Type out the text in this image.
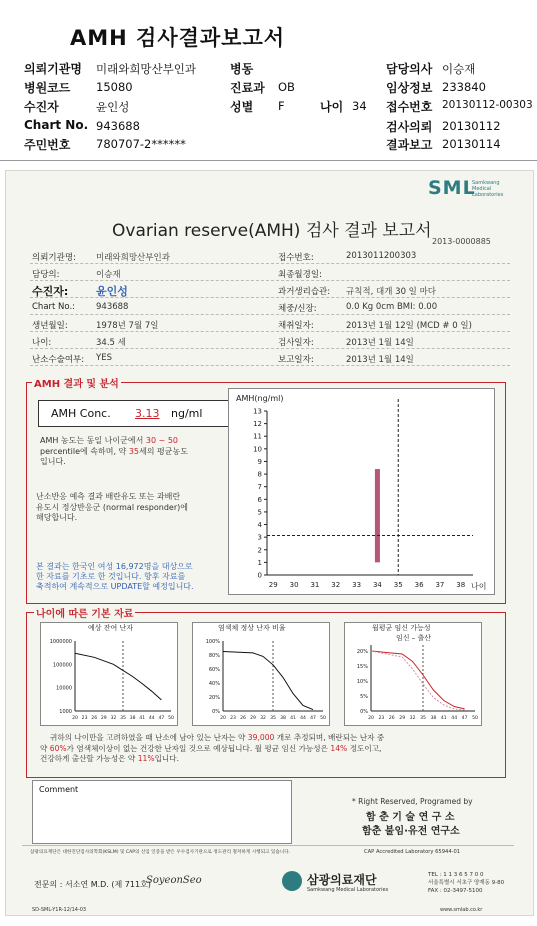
AMH 검사결과보고서
의뢰기관명 미래와희망산부인과
병원코드 15080
수진자	윤인성
Chart No. 943688
주민번호 780707-2******
병동
진료과 OB
성별 F	나이 34
담당의사 이승재
임상정보 233840
접수번호 20130112-00303
검사의뢰 20130112
결과보고 20130114
SML
Samkwang
Medical
Laboratories
Ovarian reserve(AMH) 검사 결과 보고서
2013-0000885
의뢰기관명: 미래와희망산부인과
담당의:	이승재
수진자:	윤인성
Chart No.: 943688
생년월일:	1978년 7월 7일
나이:	34.5 세
난소수술여부: YES
접수번호:	2013011200303
최종월경일:
과거생리습관: 규칙적, 대개 30 일 마다
체중/신장:	0.0 Kg 0cm BMI: 0.00
채취일자:	2013년 1월 12일 (MCD # 0 일)
검사일자:	2013년 1월 14일
보고일자:	2013년 1월 14일
AMH 결과 및 분석
AMH Conc. 3.13 ng/ml
AMH 농도는 동일 나이군에서 30 ~ 50
percentile에 속하며, 약 35세의 평균농도
입니다.
난소반응 예측 결과 배란유도 또는 과배란
유도시 정상반응군 (normal responder)에
해당합니다.
본 결과는 한국인 여성 16,972명을 대상으로
한 자료를 기초로 한 것입니다. 향후 자료를
축적하여 계속적으로 UPDATE할 예정입니다.
0
1
2
3
4
5
6
7
8
9
10
11
12
13
29 30 31 32 33 34 35 36 37 38
AMH(ng/ml)
나이
나이에 따른 기본 자료
1000000
100000
10000
1000
20 23 26 29 32 35 38 41 44 47 50
예상 잔여 난자
100%
80%
60%
40%
20%
0%
20 23 26 29 32 35 38 41 44 47 50
염색체 정상 난자 비율
20%
15%
10%
5%
0%
20 23 26 29 32 35 38 41 44 47 50
월평균 임신 가능성
임신 – 출산
귀하의 나이만을 고려하였을 때 난소에 남아 있는 난자는 약 39,000 개로 추정되며, 배란되는 난자 중
약 60%가 염색체이상이 없는 건강한 난자일 것으로 예상됩니다. 월 평균 임신 가능성은 14% 정도이고,
건강하게 출산할 가능성은 약 11%입니다.
Comment
* Right Reserved, Programed by
함 춘 기 술 연 구 소
함춘 불임·유전 연구소
삼광의료재단은 대한진단검사의학회(KSLM) 및 CAP의 신임 인증을 받은 우수검사기관으로 정도관리 철저하게 시행되고 있습니다.	CAP Accredited Laboratory 65944-01
전문의 : 서소연 M.D. (제 711호)
SoyeonSeo	삼광의료재단
Samkwang Medical Laboratories
TEL : 1 1 3 6 5 7 0 0
서울특별시 서초구 양재동 9-80
FAX : 02-3497-5100
SD-SML-Y1R-12/14-03	www.smlab.co.kr
